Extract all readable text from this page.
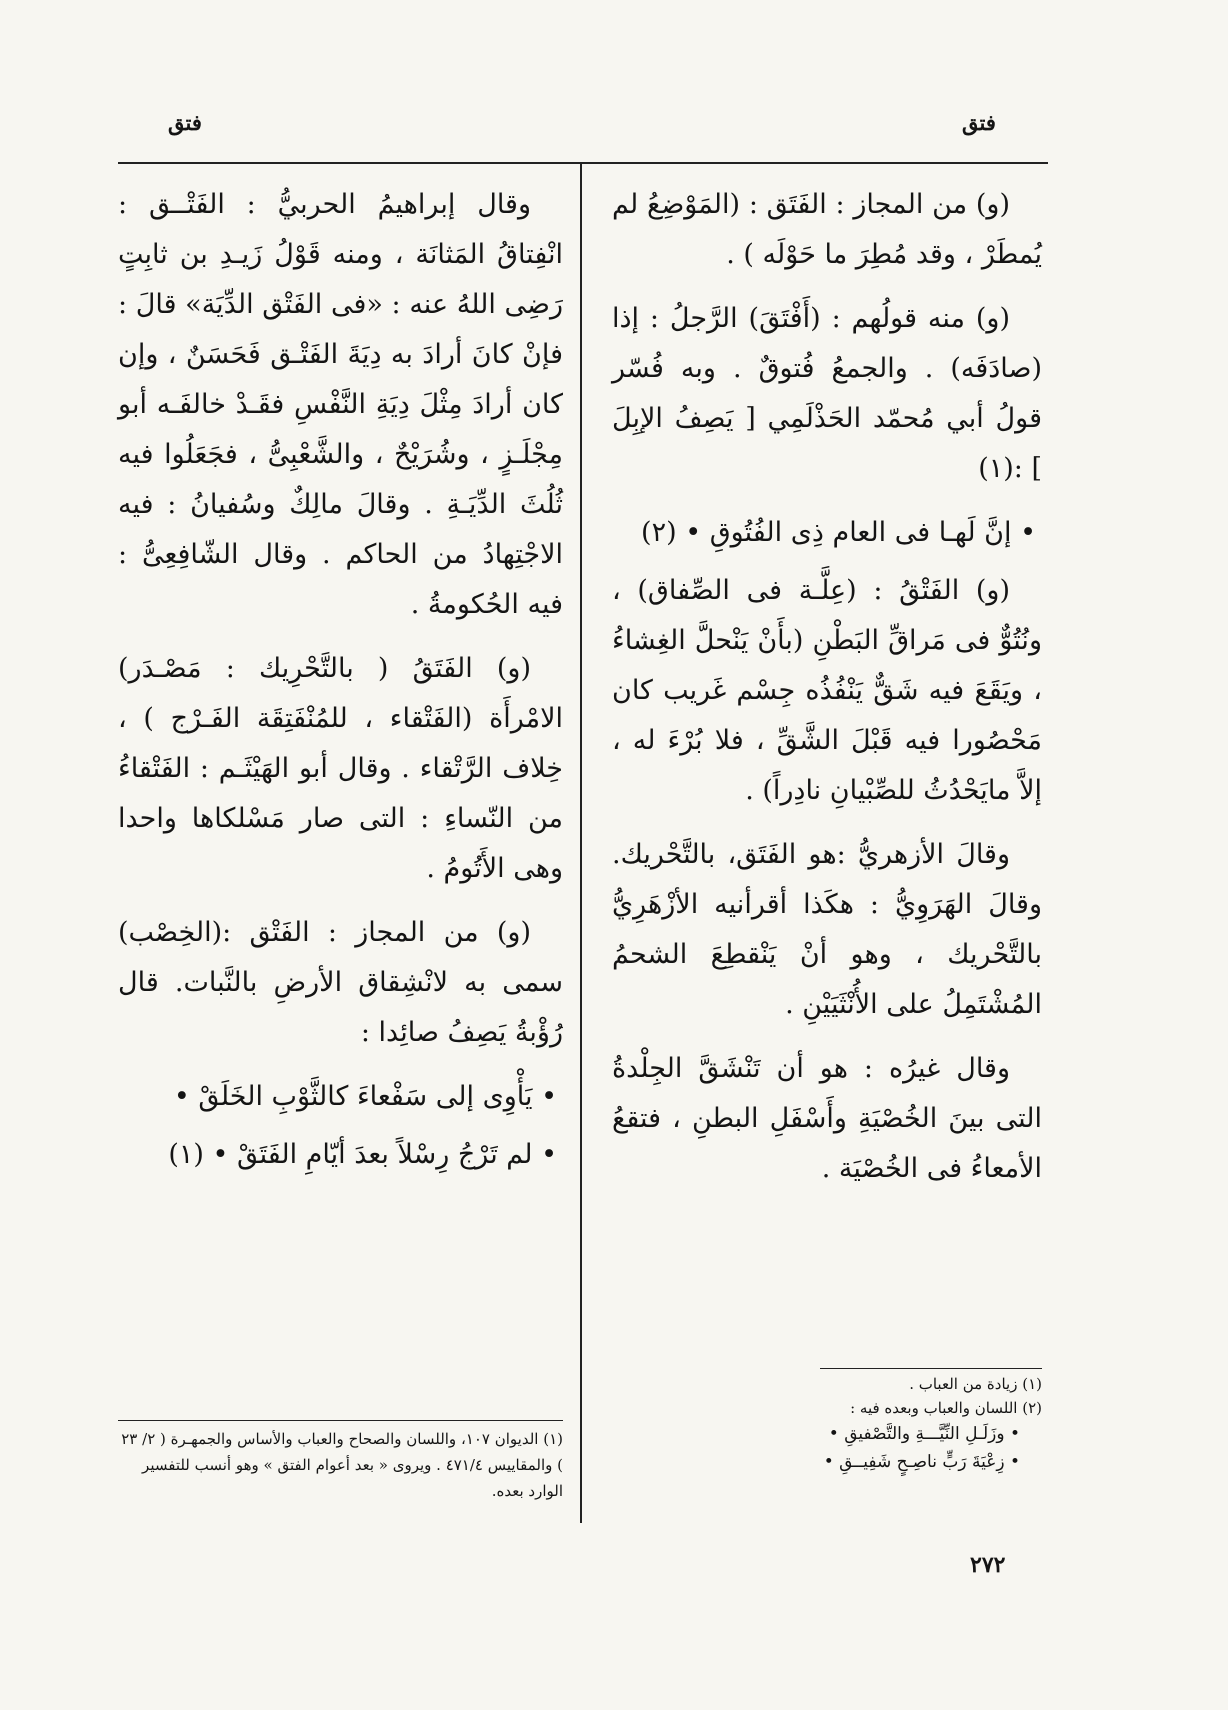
فتق
فتق

(و) من المجاز : الفَتَق : (المَوْضِعُ لم يُمطَرْ ، وقد مُطِرَ ما حَوْلَه ) .

(و) منه قولُهم : (أَفْتَقَ) الرَّجلُ : إذا (صادَفَه) . والجمعُ فُتوقٌ . وبه فُسّر قولُ أبي مُحمّد الحَذْلَمِي [ يَصِفُ الإبِلَ ] :(١)

• إنَّ لَهـا فى العام ذِى الفُتُوقِ • (٢)

(و) الفَتْقُ : (عِلَّـة فى الصِّفاق) ، ونُتُوٌّ فى مَراقِّ البَطْنِ (بأَنْ يَنْحلَّ الغِشاءُ ، ويَقَعَ فيه شَقٌّ يَنْفُذُه جِسْم غَريب كان مَحْصُورا فيه قَبْلَ الشَّقِّ ، فلا بُرْءَ له ، إلاَّ مايَحْدُثُ للصِّبْيانِ نادِراً) .

وقالَ الأزهريُّ :هو الفَتَق، بالتَّحْريك. وقالَ الهَرَوِيُّ : هكَذا أقرأنيه الأزْهَرِيُّ بالتَّحْريك ، وهو أنْ يَنْقطِعَ الشحمُ المُشْتَمِلُ على الأُنْثَيَيْنِ .

وقال غيرُه : هو أن تَنْشَقَّ الجِلْدةُ التى بينَ الخُصْيَةِ وأَسْفَلِ البطنِ ، فتقعُ الأمعاءُ فى الخُصْيَة .

وقال إبراهيمُ الحربيُّ : الفَتْــق : انْفِتاقُ المَثانَة ، ومنه قَوْلُ زَيـدِ بن ثابِتٍ رَضِى اللهُ عنه : «فى الفَتْق الدِّيَة» قالَ : فإنْ كانَ أرادَ به دِيَةَ الفَتْـق فَحَسَنٌ ، وإن كان أرادَ مِثْلَ دِيَةِ النَّفْسِ فقَـدْ خالفَـه أبو مِجْلَـزٍ ، وشُرَيْحٌ ، والشَّعْبِىُّ ، فجَعَلُوا فيه ثُلُثَ الدِّيَـةِ . وقالَ مالِكٌ وسُفيانُ : فيه الاجْتِهادُ من الحاكم . وقال الشّافِعِىُّ : فيه الحُكومةُ .

(و) الفَتَقُ ( بالتَّحْرِيك : مَصْـدَر) الامْرأَة (الفَتْقاء ، للمُنْفَتِقَة الفَـرْج ) ، خِلاف الرَّتْقاء . وقال أبو الهَيْثَـم : الفَتْقاءُ من النّساءِ : التى صار مَسْلكاها واحدا وهى الأَتُومُ .

(و) من المجاز : الفَتْق :(الخِصْب) سمى به لانْشِقاق الأرضِ بالنَّبات. قال رُؤْبةُ يَصِفُ صائِدا :

• يَأْوِى إلى سَفْعاءَ كالثَّوْبِ الخَلَقْ •

• لم تَرْجُ رِسْلاً بعدَ أيّامِ الفَتَقْ • (١)

(١) زيادة من العباب .
(٢) اللسان والعباب وبعده فيه :
• وزَلَـلِ النِّيَّـــةِ والتَّصْفيقِ •
• زِعْيَةَ رَبٍّ ناصِـحٍ شَفِيــقِ •
(١) الديوان ١٠٧، واللسان والصحاح والعباب والأساس والجمهـرة ( ٢/ ٢٣ ) والمقاييس ٤٧١/٤ . ويروى « بعد أعوام الفتق » وهو أنسب للتفسير الوارد بعده.
٢٧٢
